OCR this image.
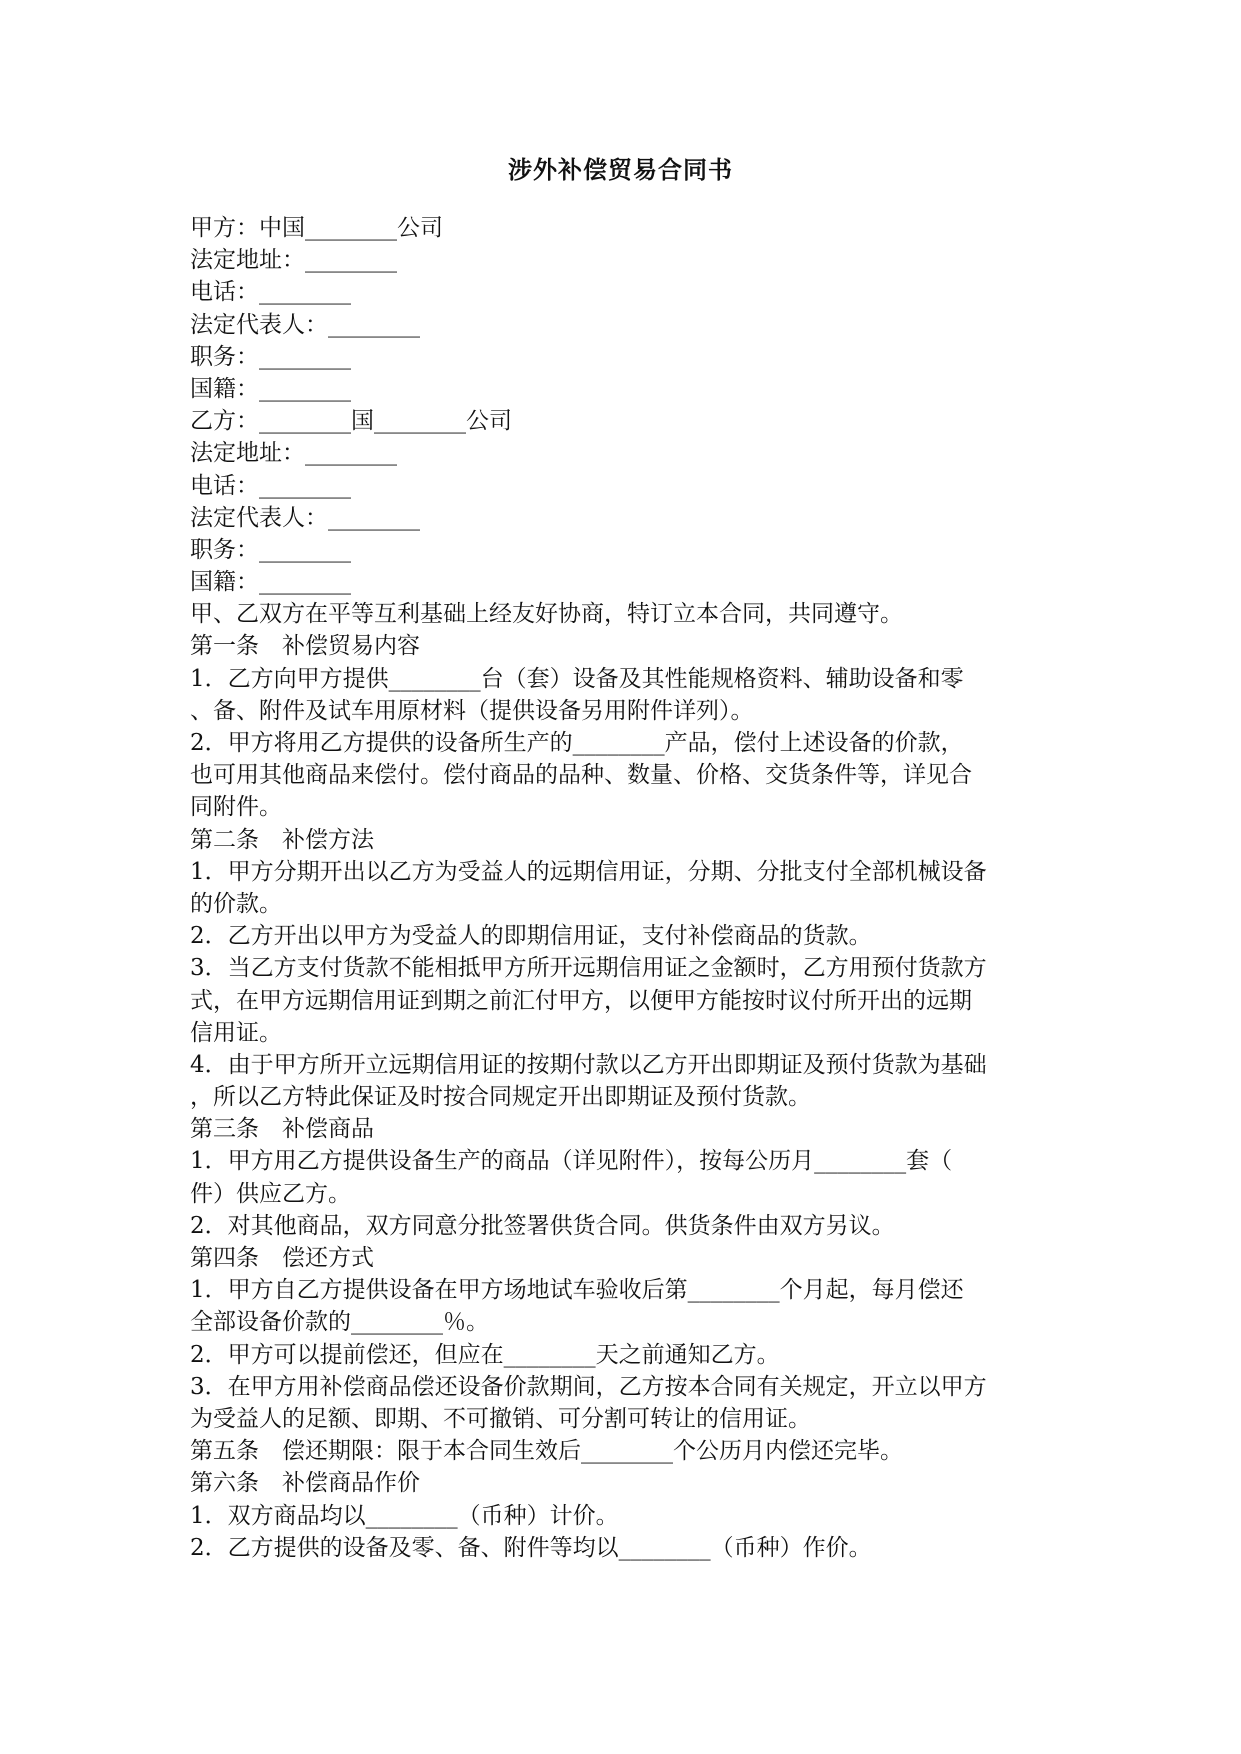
涉外补偿贸易合同书
甲方：中国________公司
法定地址：________
电话：________
法定代表人：________
职务：________
国籍：________
乙方：________国________公司
法定地址：________
电话：________
法定代表人：________
职务：________
国籍：________
甲、乙双方在平等互利基础上经友好协商，特订立本合同，共同遵守。
第一条　补偿贸易内容
1．乙方向甲方提供________台（套）设备及其性能规格资料、辅助设备和零
、备、附件及试车用原材料（提供设备另用附件详列）。
2．甲方将用乙方提供的设备所生产的________产品，偿付上述设备的价款，
也可用其他商品来偿付。偿付商品的品种、数量、价格、交货条件等，详见合
同附件。
第二条　补偿方法
1．甲方分期开出以乙方为受益人的远期信用证，分期、分批支付全部机械设备
的价款。
2．乙方开出以甲方为受益人的即期信用证，支付补偿商品的货款。
3．当乙方支付货款不能相抵甲方所开远期信用证之金额时，乙方用预付货款方
式，在甲方远期信用证到期之前汇付甲方，以便甲方能按时议付所开出的远期
信用证。
4．由于甲方所开立远期信用证的按期付款以乙方开出即期证及预付货款为基础
，所以乙方特此保证及时按合同规定开出即期证及预付货款。
第三条　补偿商品
1．甲方用乙方提供设备生产的商品（详见附件），按每公历月________套（
件）供应乙方。
2．对其他商品，双方同意分批签署供货合同。供货条件由双方另议。
第四条　偿还方式
1．甲方自乙方提供设备在甲方场地试车验收后第________个月起，每月偿还
全部设备价款的________％。
2．甲方可以提前偿还，但应在________天之前通知乙方。
3．在甲方用补偿商品偿还设备价款期间，乙方按本合同有关规定，开立以甲方
为受益人的足额、即期、不可撤销、可分割可转让的信用证。
第五条　偿还期限：限于本合同生效后________个公历月内偿还完毕。
第六条　补偿商品作价
1．双方商品均以________（币种）计价。
2．乙方提供的设备及零、备、附件等均以________（币种）作价。
